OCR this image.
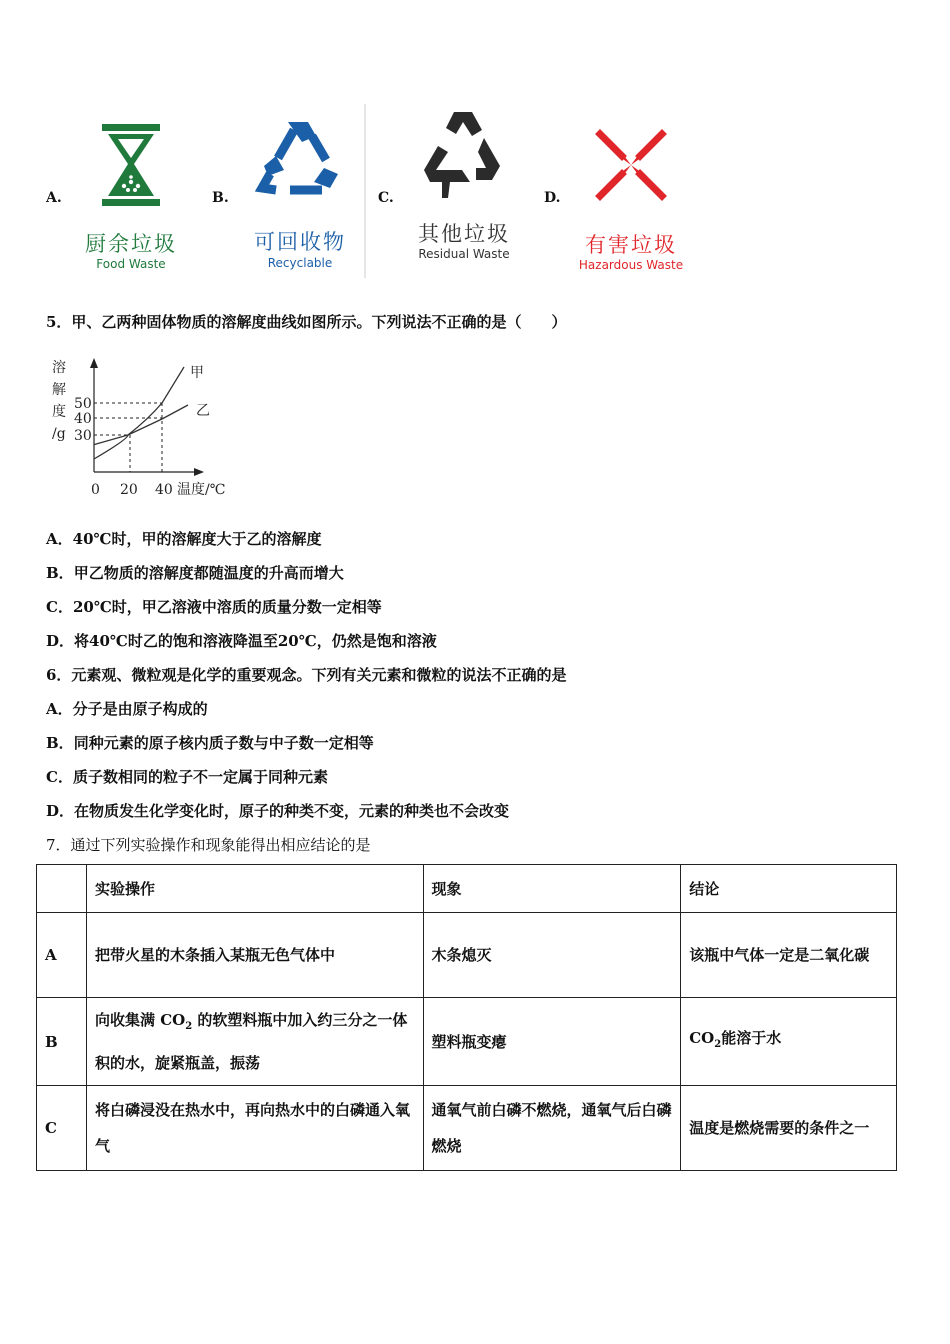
A.
厨余垃圾
Food Waste
B.
可回收物
Recyclable
C.
其他垃圾
Residual Waste
D.
有害垃圾
Hazardous Waste
5．甲、乙两种固体物质的溶解度曲线如图所示。下列说法不正确的是（　　）
溶
解
度
/g
50
40
30
0 20 40 温度/℃
甲
乙
A．40℃时，甲的溶解度大于乙的溶解度
B．甲乙物质的溶解度都随温度的升高而增大
C．20℃时，甲乙溶液中溶质的质量分数一定相等
D．将40℃时乙的饱和溶液降温至20℃，仍然是饱和溶液
6．元素观、微粒观是化学的重要观念。下列有关元素和微粒的说法不正确的是
A．分子是由原子构成的
B．同种元素的原子核内质子数与中子数一定相等
C．质子数相同的粒子不一定属于同种元素
D．在物质发生化学变化时，原子的种类不变，元素的种类也不会改变
7．通过下列实验操作和现象能得出相应结论的是
	实验操作	现象	结论
A	把带火星的木条插入某瓶无色气体中	木条熄灭	该瓶中气体一定是二氧化碳
B	向收集满 $CO_2$ 的软塑料瓶中加入约三分之一体积的水，旋紧瓶盖，振荡	塑料瓶变瘪	$CO_2$能溶于水
C	将白磷浸没在热水中，再向热水中的白磷通入氧气	通氧气前白磷不燃烧，通氧气后白磷燃烧	温度是燃烧需要的条件之一
